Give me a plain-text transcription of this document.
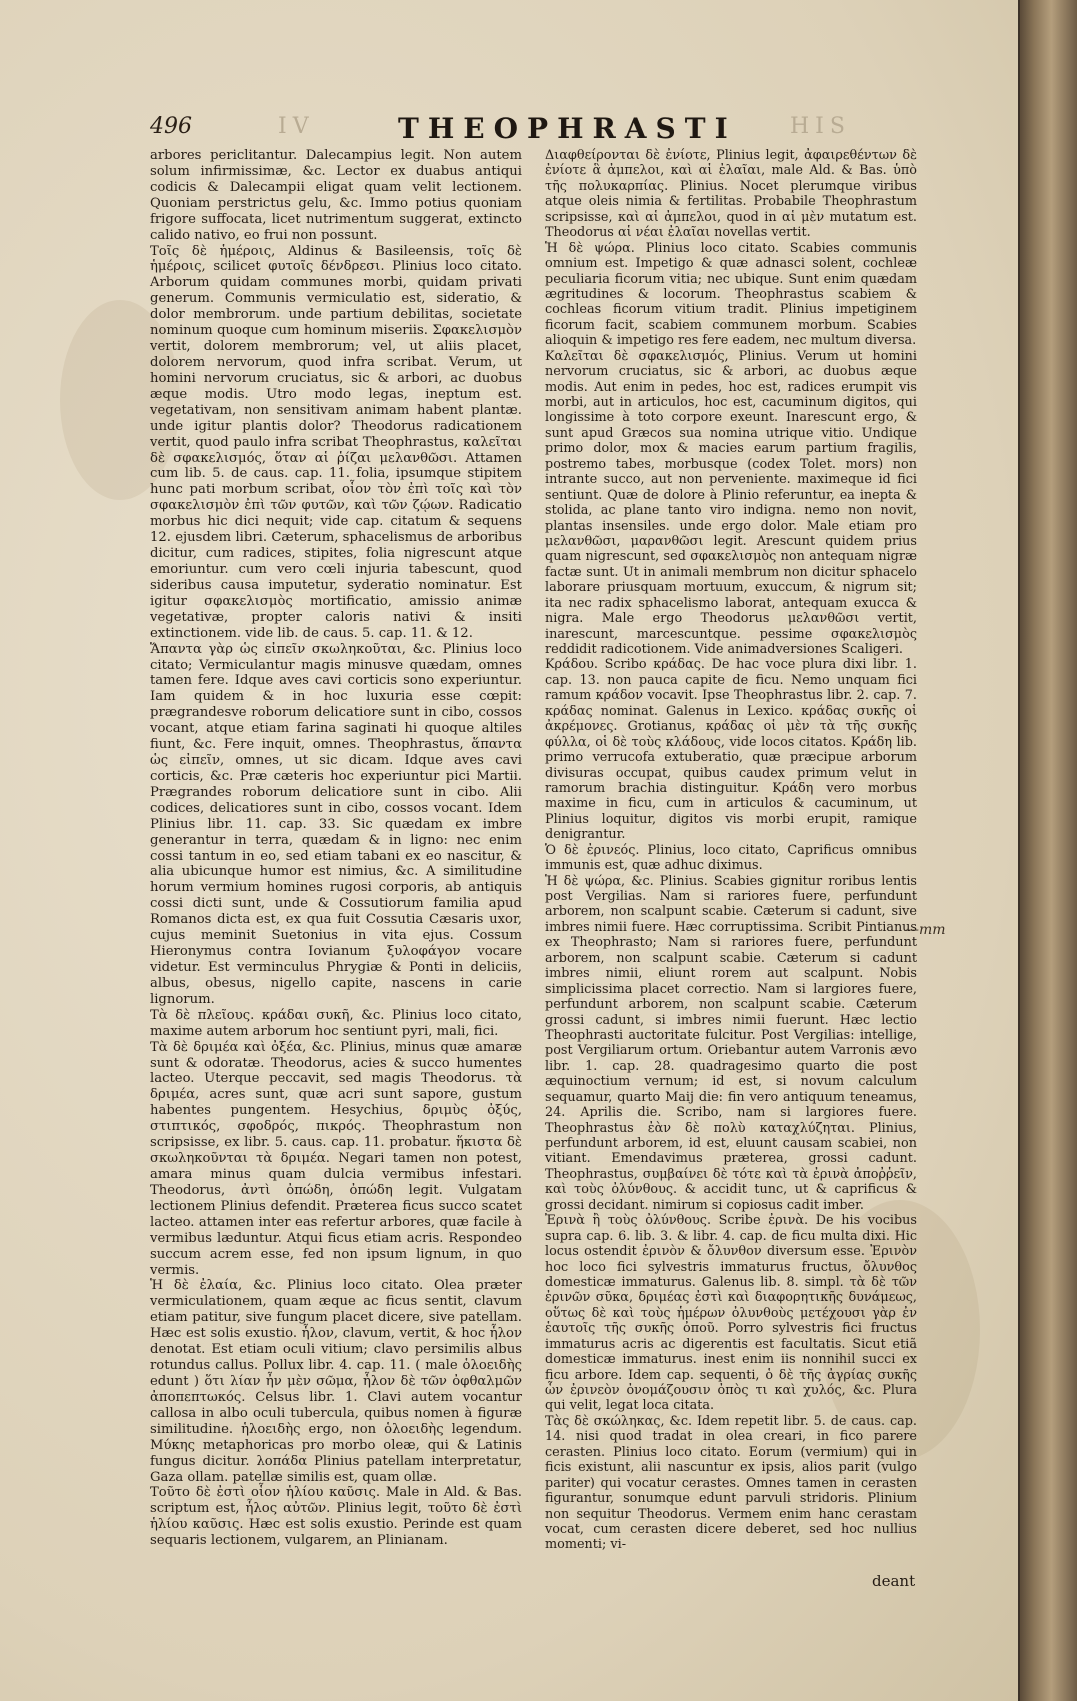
496	IV	THEOPHRASTI HIS

arbores periclitantur. Dalecampius legit. Non autem solum infirmissimæ, &c. Lector ex duabus antiqui codicis & Dalecampii eligat quam velit lectionem. Quoniam perstrictus gelu, &c. Immo potius quoniam frigore suffocata, licet nutrimentum suggerat, extincto calido nativo, eo frui non possunt.

Τοῖς δὲ ἡμέροις, Aldinus & Basileensis, τοῖς δὲ ἡμέροις, scilicet φυτοῖς δένδρεσι. Plinius loco citato. Arborum quidam communes morbi, quidam privati generum. Communis vermiculatio est, sideratio, & dolor membrorum. unde partium debilitas, societate nominum quoque cum hominum miseriis. Σφακελισμὸν vertit, dolorem membrorum; vel, ut aliis placet, dolorem nervorum, quod infra scribat. Verum, ut homini nervorum cruciatus, sic & arbori, ac duobus æque modis. Utro modo legas, ineptum est. vegetativam, non sensitivam animam habent plantæ. unde igitur plantis dolor? Theodorus radicationem vertit, quod paulo infra scribat Theophrastus, καλεῖται δὲ σφακελισμός, ὅταν αἱ ῥίζαι μελανθῶσι. Attamen cum lib. 5. de caus. cap. 11. folia, ipsumque stipitem hunc pati morbum scribat, οἷον τὸν ἐπὶ τοῖς καὶ τὸν σφακελισμὸν ἐπὶ τῶν φυτῶν, καὶ τῶν ζῴων. Radicatio morbus hic dici nequit; vide cap. citatum & sequens 12. ejusdem libri. Cæterum, sphacelismus de arboribus dicitur, cum radices, stipites, folia nigrescunt atque emoriuntur. cum vero cœli injuria tabescunt, quod sideribus causa imputetur, syderatio nominatur. Est igitur σφακελισμὸς mortificatio, amissio animæ vegetativæ, propter caloris nativi & insiti extinctionem. vide lib. de caus. 5. cap. 11. & 12.

Ἅπαντα γὰρ ὡς εἰπεῖν σκωληκοῦται, &c. Plinius loco citato; Vermiculantur magis minusve quædam, omnes tamen fere. Idque aves cavi corticis sono experiuntur. Iam quidem & in hoc luxuria esse cœpit: prægrandesve roborum delicatiore sunt in cibo, cossos vocant, atque etiam farina saginati hi quoque altiles fiunt, &c. Fere inquit, omnes. Theophrastus, ἅπαντα ὡς εἰπεῖν, omnes, ut sic dicam. Idque aves cavi corticis, &c. Præ cæteris hoc experiuntur pici Martii. Prægrandes roborum delicatiore sunt in cibo. Alii codices, delicatiores sunt in cibo, cossos vocant. Idem Plinius libr. 11. cap. 33. Sic quædam ex imbre generantur in terra, quædam & in ligno: nec enim cossi tantum in eo, sed etiam tabani ex eo nascitur, & alia ubicunque humor est nimius, &c. A similitudine horum vermium homines rugosi corporis, ab antiquis cossi dicti sunt, unde & Cossutiorum familia apud Romanos dicta est, ex qua fuit Cossutia Cæsaris uxor, cujus meminit Suetonius in vita ejus. Cossum Hieronymus contra Iovianum ξυλοφάγον vocare videtur. Est verminculus Phrygiæ & Ponti in deliciis, albus, obesus, nigello capite, nascens in carie lignorum.

Τὰ δὲ πλεῖους. κράδαι συκῆ, &c. Plinius loco citato, maxime autem arborum hoc sentiunt pyri, mali, fici.

Τὰ δὲ δριμέα καὶ ὀξέα, &c. Plinius, minus quæ amaræ sunt & odoratæ. Theodorus, acies & succo humentes lacteo. Uterque peccavit, sed magis Theodorus. τὰ δριμέα, acres sunt, quæ acri sunt sapore, gustum habentes pungentem. Hesychius, δριμὺς ὀξύς, στιπτικός, σφοδρός, πικρός. Theophrastum non scripsisse, ex libr. 5. caus. cap. 11. probatur. ἥκιστα δὲ σκωληκοῦνται τὰ δριμέα. Negari tamen non potest, amara minus quam dulcia vermibus infestari. Theodorus, ἀντὶ ὀπώδη, ὀπώδη legit. Vulgatam lectionem Plinius defendit. Præterea ficus succo scatet lacteo. attamen inter eas refertur arbores, quæ facile à vermibus læduntur. Atqui ficus etiam acris. Respondeo succum acrem esse, fed non ipsum lignum, in quo vermis.

Ἡ δὲ ἐλαία, &c. Plinius loco citato. Olea præter vermiculationem, quam æque ac ficus sentit, clavum etiam patitur, sive fungum placet dicere, sive patellam. Hæc est solis exustio. ἧλον, clavum, vertit, & hoc ἧλον denotat. Est etiam oculi vitium; clavo persimilis albus rotundus callus. Pollux libr. 4. cap. 11. ( male ὁλοειδὴς edunt ) ὅτι λίαν ἦν μὲν σῶμα, ἧλον δὲ τῶν ὀφθαλμῶν ἀποπεπτωκός. Celsus libr. 1. Clavi autem vocantur callosa in albo oculi tubercula, quibus nomen à figuræ similitudine. ἡλοειδὴς ergo, non ὁλοειδὴς legendum. Μύκης metaphoricas pro morbo oleæ, qui & Latinis fungus dicitur. λοπάδα Plinius patellam interpretatur, Gaza ollam. patellæ similis est, quam ollæ.

Τοῦτο δὲ ἐστὶ οἷον ἡλίου καῦσις. Male in Ald. & Bas. scriptum est, ἧλος αὐτῶν. Plinius legit, τοῦτο δὲ ἐστὶ ἡλίου καῦσις. Hæc est solis exustio. Perinde est quam sequaris lectionem, vulgarem, an Plinianam.

Διαφθείρονται δὲ ἐνίοτε, Plinius legit, ἀφαιρεθέντων δὲ ἐνίοτε ἃ ἀμπελοι, καὶ αἱ ἐλαῖαι, male Ald. & Bas. ὑπὸ τῆς πολυκαρπίας. Plinius. Nocet plerumque viribus atque oleis nimia & fertilitas. Probabile Theophrastum scripsisse, καὶ αἱ ἀμπελοι, quod in αἱ μὲν mutatum est. Theodorus αἱ νέαι ἐλαῖαι novellas vertit.

Ἡ δὲ ψώρα. Plinius loco citato. Scabies communis omnium est. Impetigo & quæ adnasci solent, cochleæ peculiaria ficorum vitia; nec ubique. Sunt enim quædam ægritudines & locorum. Theophrastus scabiem & cochleas ficorum vitium tradit. Plinius impetiginem ficorum facit, scabiem communem morbum. Scabies alioquin & impetigo res fere eadem, nec multum diversa.

Καλεῖται δὲ σφακελισμός, Plinius. Verum ut homini nervorum cruciatus, sic & arbori, ac duobus æque modis. Aut enim in pedes, hoc est, radices erumpit vis morbi, aut in articulos, hoc est, cacuminum digitos, qui longissime à toto corpore exeunt. Inarescunt ergo, & sunt apud Græcos sua nomina utrique vitio. Undique primo dolor, mox & macies earum partium fragilis, postremo tabes, morbusque (codex Tolet. mors) non intrante succo, aut non perveniente. maximeque id fici sentiunt. Quæ de dolore à Plinio referuntur, ea inepta & stolida, ac plane tanto viro indigna. nemo non novit, plantas insensiles. unde ergo dolor. Male etiam pro μελανθῶσι, μαρανθῶσι legit. Arescunt quidem prius quam nigrescunt, sed σφακελισμὸς non antequam nigræ factæ sunt. Ut in animali membrum non dicitur sphacelo laborare priusquam mortuum, exuccum, & nigrum sit; ita nec radix sphacelismo laborat, antequam exucca & nigra. Male ergo Theodorus μελανθῶσι vertit, inarescunt, marcescuntque. pessime σφακελισμὸς reddidit radicotionem. Vide animadversiones Scaligeri.

Κράδου. Scribo κράδας. De hac voce plura dixi libr. 1. cap. 13. non pauca capite de ficu. Nemo unquam fici ramum κράδον vocavit. Ipse Theophrastus libr. 2. cap. 7. κράδας nominat. Galenus in Lexico. κράδας συκῆς οἱ ἀκρέμονες. Grotianus, κράδας οἱ μὲν τὰ τῆς συκῆς φύλλα, οἱ δὲ τοὺς κλάδους, vide locos citatos. Κράδη lib. primo verrucofa extuberatio, quæ præcipue arborum divisuras occupat, quibus caudex primum velut in ramorum brachia distinguitur. Κράδη vero morbus maxime in ficu, cum in articulos & cacuminum, ut Plinius loquitur, digitos vis morbi erupit, ramique denigrantur.

Ὁ δὲ ἐρινεός. Plinius, loco citato, Caprificus omnibus immunis est, quæ adhuc diximus.

Ἡ δὲ ψώρα, &c. Plinius. Scabies gignitur roribus lentis post Vergilias. Nam si rariores fuere, perfundunt arborem, non scalpunt scabie. Cæterum si cadunt, sive imbres nimii fuere. Hæc corruptissima. Scribit Pintianus ex Theophrasto; Nam si rariores fuere, perfundunt arborem, non scalpunt scabie. Cæterum si cadunt imbres nimii, eliunt rorem aut scalpunt. Nobis simplicissima placet correctio. Nam si largiores fuere, perfundunt arborem, non scalpunt scabie. Cæterum grossi cadunt, si imbres nimii fuerunt. Hæc lectio Theophrasti auctoritate fulcitur. Post Vergilias: intellige, post Vergiliarum ortum. Oriebantur autem Varronis ævo libr. 1. cap. 28. quadragesimo quarto die post æquinoctium vernum; id est, si novum calculum sequamur, quarto Maij die: fin vero antiquum teneamus, 24. Aprilis die. Scribo, nam si largiores fuere. Theophrastus ἐὰν δὲ πολὺ καταχλύζηται. Plinius, perfundunt arborem, id est, eluunt causam scabiei, non vitiant. Emendavimus præterea, grossi cadunt. Theophrastus, συμβαίνει δὲ τότε καὶ τὰ ἐρινὰ ἀποῤῥεῖν, καὶ τοὺς ὀλύνθους. & accidit tunc, ut & caprificus & grossi decidant. nimirum si copiosus cadit imber.

Ἐρινὰ ἢ τοὺς ὀλύνθους. Scribe ἐρινὰ. De his vocibus supra cap. 6. lib. 3. & libr. 4. cap. de ficu multa dixi. Hic locus ostendit ἐρινὸν & ὄλυνθον diversum esse. Ἐρινὸν hoc loco fici sylvestris immaturus fructus, ὄλυνθος domesticæ immaturus. Galenus lib. 8. simpl. τὰ δὲ τῶν ἐρινῶν σῦκα, δριμέας ἐστὶ καὶ διαφορητικῆς δυνάμεως, οὕτως δὲ καὶ τοὺς ἡμέρων ὀλυνθοὺς μετέχουσι γὰρ ἐν ἑαυτοῖς τῆς συκῆς ὀποῦ. Porro sylvestris fici fructus immaturus acris ac digerentis est facultatis. Sicut etiã domesticæ immaturus. inest enim iis nonnihil succi ex ficu arbore. Idem cap. sequenti, ὁ δὲ τῆς ἀγρίας συκῆς ὧν ἐρινεὸν ὀνομάζουσιν ὀπὸς τι καὶ χυλός, &c. Plura qui velit, legat loca citata.

Τὰς δὲ σκώληκας, &c. Idem repetit libr. 5. de caus. cap. 14. nisi quod tradat in olea creari, in fico parere cerasten. Plinius loco citato. Eorum (vermium) qui in ficis existunt, alii nascuntur ex ipsis, alios parit (vulgo pariter) qui vocatur cerastes. Omnes tamen in cerasten figurantur, sonumque edunt parvuli stridoris. Plinium non sequitur Theodorus. Vermem enim hanc cerastam vocat, cum cerasten dicere deberet, sed hoc nullius momenti; vi-

—mm
deant
